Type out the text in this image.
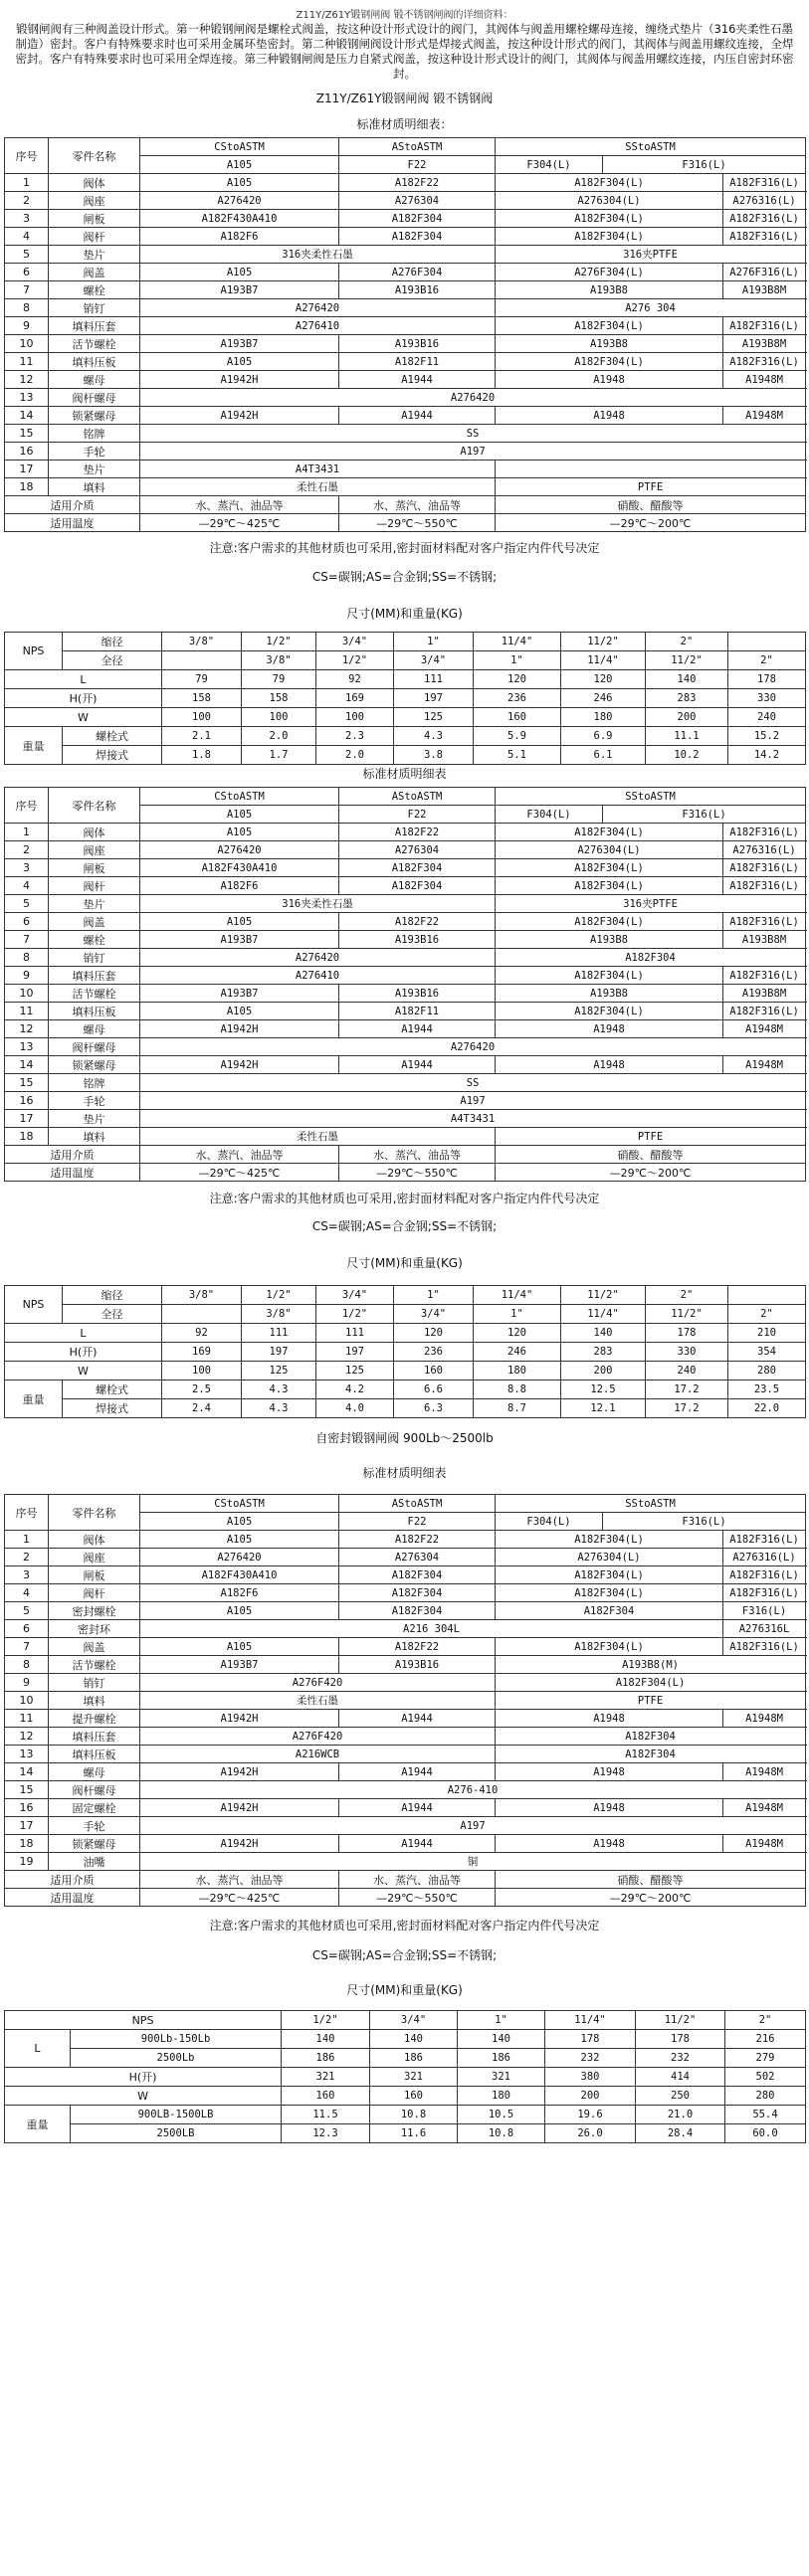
Z11Y/Z61Y锻钢闸阀 锻不锈钢闸阀的详细资料：
锻钢闸阀有三种阀盖设计形式。第一种锻钢闸阀是螺栓式阀盖，按这种设计形式设计的阀门，其阀体与阀盖用螺栓螺母连接，缠绕式垫片（316夹柔性石墨制造）密封。客户有特殊要求时也可采用金属环垫密封。第二种锻钢闸阀设计形式是焊接式阀盖，按这种设计形式的阀门，其阀体与阀盖用螺纹连接，全焊密封。客户有特殊要求时也可采用全焊连接。第三种锻钢闸阀是压力自紧式阀盖，按这种设计形式设计的阀门，其阀体与阀盖用螺纹连接，内压自密封环密封。
Z11Y/Z61Y锻钢闸阀 锻不锈钢阀
标准材质明细表：
序号	零件名称	CStoASTM	AStoASTM	SStoASTM		
		A105	F22	F304(L)	F316(L)	
1	阀体	A105	A182F22	A182F304(L)		A182F316(L)
2	阀座	A276420	A276304	A276304(L)		A276316(L)
3	闸板	A182F430A410	A182F304	A182F304(L)		A182F316(L)
4	阀杆	A182F6	A182F304	A182F304(L)		A182F316(L)
5	垫片	316夹柔性石墨		316夹PTFE		
6	阀盖	A105	A276F304	A276F304(L)		A276F316(L)
7	螺栓	A193B7	A193B16	A193B8		A193B8M
8	销钉	A276420		A276 304		
9	填料压套	A276410		A182F304(L)		A182F316(L)
10	活节螺栓	A193B7	A193B16	A193B8		A193B8M
11	填料压板	A105	A182F11	A182F304(L)		A182F316(L)
12	螺母	A1942H	A1944	A1948		A1948M
13	阀杆螺母	A276420				
14	锁紧螺母	A1942H	A1944	A1948		A1948M
15	铭牌	SS				
16	手轮	A197				
17	垫片	A4T3431				
18	填料	柔性石墨		PTFE		
适用介质		水、蒸汽、油品等	水、蒸汽、油品等	硝酸、醋酸等		
适用温度		—29℃～425℃	—29℃～550℃	—29℃～200℃		
注意:客户需求的其他材质也可采用,密封面材料配对客户指定内件代号决定
CS=碳钢;AS=合金钢;SS=不锈钢;
尺寸(MM)和重量(KG)
NPS	缩径	3/8"	1/2"	3/4"	1"	11/4"	11/2"	2"	
	全径		3/8"	1/2"	3/4"	1"	11/4"	11/2"	2"
L		79	79	92	111	120	120	140	178
H(开)		158	158	169	197	236	246	283	330
W		100	100	100	125	160	180	200	240
重量	螺栓式	2.1	2.0	2.3	4.3	5.9	6.9	11.1	15.2
	焊接式	1.8	1.7	2.0	3.8	5.1	6.1	10.2	14.2
标准材质明细表
序号	零件名称	CStoASTM	AStoASTM	SStoASTM		
		A105	F22	F304(L)	F316(L)	
1	阀体	A105	A182F22	A182F304(L)		A182F316(L)
2	阀座	A276420	A276304	A276304(L)		A276316(L)
3	闸板	A182F430A410	A182F304	A182F304(L)		A182F316(L)
4	阀杆	A182F6	A182F304	A182F304(L)		A182F316(L)
5	垫片	316夹柔性石墨		316夹PTFE		
6	阀盖	A105	A182F22	A182F304(L)		A182F316(L)
7	螺栓	A193B7	A193B16	A193B8		A193B8M
8	销钉	A276420		A182F304		
9	填料压套	A276410		A182F304(L)		A182F316(L)
10	活节螺栓	A193B7	A193B16	A193B8		A193B8M
11	填料压板	A105	A182F11	A182F304(L)		A182F316(L)
12	螺母	A1942H	A1944	A1948		A1948M
13	阀杆螺母	A276420				
14	锁紧螺母	A1942H	A1944	A1948		A1948M
15	铭牌	SS				
16	手轮	A197				
17	垫片	A4T3431				
18	填料	柔性石墨		PTFE		
适用介质		水、蒸汽、油品等	水、蒸汽、油品等	硝酸、醋酸等		
适用温度		—29℃～425℃	—29℃～550℃	—29℃～200℃		
注意:客户需求的其他材质也可采用,密封面材料配对客户指定内件代号决定
CS=碳钢;AS=合金钢;SS=不锈钢;
尺寸(MM)和重量(KG)
NPS	缩径	3/8"	1/2"	3/4"	1"	11/4"	11/2"	2"	
	全径		3/8"	1/2"	3/4"	1"	11/4"	11/2"	2"
L		92	111	111	120	120	140	178	210
H(开)		169	197	197	236	246	283	330	354
W		100	125	125	160	180	200	240	280
重量	螺栓式	2.5	4.3	4.2	6.6	8.8	12.5	17.2	23.5
	焊接式	2.4	4.3	4.0	6.3	8.7	12.1	17.2	22.0
自密封锻钢闸阀 900Lb～2500lb
标准材质明细表
序号	零件名称	CStoASTM	AStoASTM	SStoASTM		
		A105	F22	F304(L)	F316(L)	
1	阀体	A105	A182F22	A182F304(L)		A182F316(L)
2	阀座	A276420	A276304	A276304(L)		A276316(L)
3	闸板	A182F430A410	A182F304	A182F304(L)		A182F316(L)
4	阀杆	A182F6	A182F304	A182F304(L)		A182F316(L)
5	密封螺栓	A105	A182F304	A182F304		F316(L)
6	密封环	A216 304L				A276316L
7	阀盖	A105	A182F22	A182F304(L)		A182F316(L)
8	活节螺栓	A193B7	A193B16	A193B8(M)		
9	销钉	A276F420		A182F304(L)		
10	填料	柔性石墨		PTFE		
11	提升螺栓	A1942H	A1944	A1948		A1948M
12	填料压套	A276F420		A182F304		
13	填料压板	A216WCB		A182F304		
14	螺母	A1942H	A1944	A1948		A1948M
15	阀杆螺母	A276-410				
16	固定螺栓	A1942H	A1944	A1948		A1948M
17	手轮	A197				
18	锁紧螺母	A1942H	A1944	A1948		A1948M
19	油嘴	铜				
适用介质		水、蒸汽、油品等	水、蒸汽、油品等	硝酸、醋酸等		
适用温度		—29℃～425℃	—29℃～550℃	—29℃～200℃		
注意:客户需求的其他材质也可采用,密封面材料配对客户指定内件代号决定
CS=碳钢;AS=合金钢;SS=不锈钢;
尺寸(MM)和重量(KG)
NPS		1/2"	3/4"	1"	11/4"	11/2"	2"
L	900Lb-150Lb	140	140	140	178	178	216
	2500Lb	186	186	186	232	232	279
H(开)		321	321	321	380	414	502
W		160	160	180	200	250	280
重量	900LB-1500LB	11.5	10.8	10.5	19.6	21.0	55.4
	2500LB	12.3	11.6	10.8	26.0	28.4	60.0
